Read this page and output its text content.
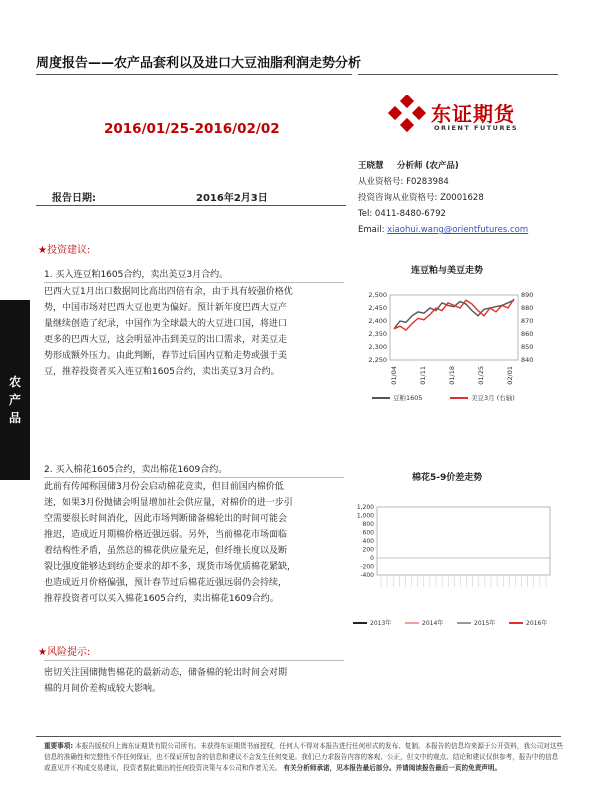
周度报告——农产品套利以及进口大豆油脂利润走势分析
2016/01/25-2016/02/02
东证期货
ORIENT FUTURES
报告日期:	2016年2月3日
王晓慧 分析师 (农产品)
从业资格号: F0283984
投资咨询从业资格号: Z0001628
Tel: 0411-8480-6792
Email: xiaohui.wang@orientfutures.com
农产品
★投资建议:
1. 买入连豆粕1605合约，卖出美豆3月合约。
巴西大豆1月出口数据同比高出四倍有余，由于具有较强价格优
势，中国市场对巴西大豆也更为偏好。预计新年度巴西大豆产
量继续创造了纪录，中国作为全球最大的大豆进口国，将进口
更多的巴西大豆，这会明显冲击到美豆的出口需求，对美豆走
势形成额外压力。由此判断，春节过后国内豆粕走势或强于美
豆，推荐投资者买入连豆粕1605合约，卖出美豆3月合约。
2. 买入棉花1605合约，卖出棉花1609合约。
此前有传闻称国储3月份会启动棉花竞卖，但目前国内棉价低
迷，如果3月份抛储会明显增加社会供应量，对棉价的进一步引
空需要很长时间消化，因此市场判断储备棉轮出的时间可能会
推迟，造成近月期棉价格近强远弱。另外，当前棉花市场面临
着结构性矛盾，虽然总的棉花供应量充足，但纤维长度以及断
裂比强度能够达到纺企要求的却不多，现货市场优质棉花紧缺，
也造成近月价格偏强，预计春节过后棉花近强远弱仍会持续，
推荐投资者可以买入棉花1605合约，卖出棉花1609合约。
★风险提示:
密切关注国储抛售棉花的最新动态，储备棉的轮出时间会对期
棉的月间价差构成较大影响。
连豆粕与美豆走势
2,500
2,450
2,400
2,350
2,300
2,250
890
880
870
860
850
840
01/04	01/11	01/18	01/25	02/01
豆粕1605	美豆3月 (右轴)
棉花5-9价差走势
1,200
1,000
800
600
400
200
0
-200
-400
2013年	2014年	2015年	2016年
重要事项: 本报告版权归上海东证期货有限公司所有。未获得东证期货书面授权，任何人不得对本报告进行任何形式的发布、复制。本报告的信息均来源于公开资料，我公司对这些信息的准确性和完整性不作任何保证，也不保证所包含的信息和建议不会发生任何变更。我们已力求报告内容的客观、公正，但文中的观点、结论和建议仅供参考，报告中的信息或意见并不构成交易建议，投资者据此做出的任何投资决策与本公司和作者无关。 有关分析师承诺，见本报告最后部分。并请阅读报告最后一页的免责声明。
